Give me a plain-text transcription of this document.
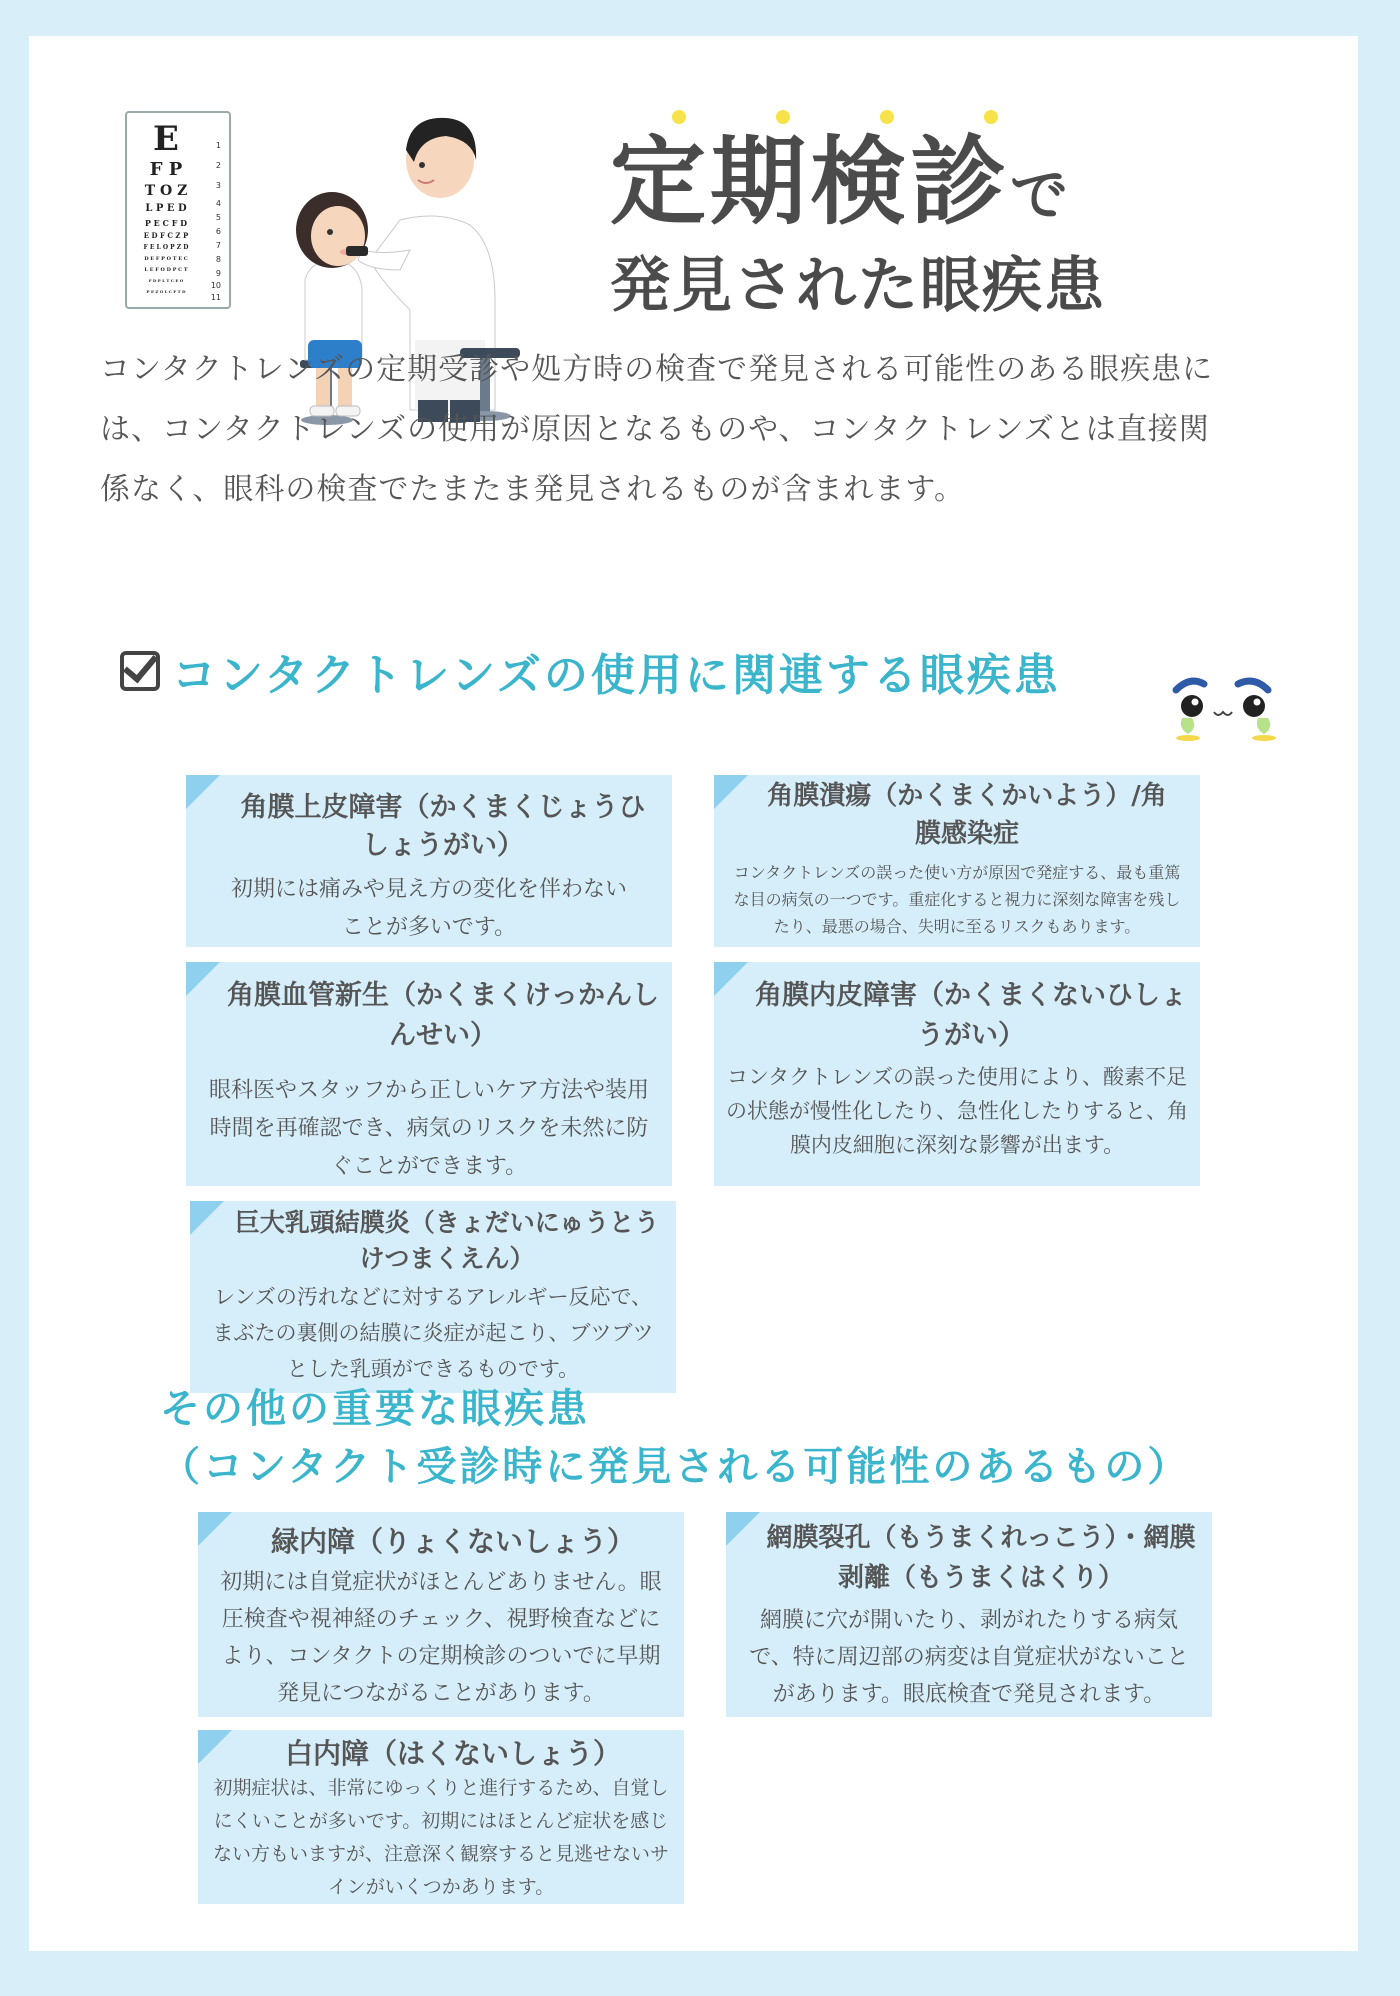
E
F P
T O Z
L P E D
P E C F D
E D F C Z P
F E L O P Z D
D E F P O T E C
L E F O D P C T
F D P L T C E O
P E Z O L C F T D
1
2
3
4
5
6
7
8
9
10
11
定期検診で
発見された眼疾患
コンタクトレンズの定期受診や処方時の検査で発見される可能性のある眼疾患には、コンタクトレンズの使用が原因となるものや、コンタクトレンズとは直接関係なく、眼科の検査でたまたま発見されるものが含まれます。
コンタクトレンズの使用に関連する眼疾患
角膜上皮障害（かくまくじょうひしょうがい）
初期には痛みや見え方の変化を伴わないことが多いです。
角膜潰瘍（かくまくかいよう）/角膜感染症
コンタクトレンズの誤った使い方が原因で発症する、最も重篤な目の病気の一つです。重症化すると視力に深刻な障害を残したり、最悪の場合、失明に至るリスクもあります。
角膜血管新生（かくまくけっかんしんせい）
眼科医やスタッフから正しいケア方法や装用時間を再確認でき、病気のリスクを未然に防ぐことができます。
角膜内皮障害（かくまくないひしょうがい）
コンタクトレンズの誤った使用により、酸素不足の状態が慢性化したり、急性化したりすると、角膜内皮細胞に深刻な影響が出ます。
巨大乳頭結膜炎（きょだいにゅうとうけつまくえん）
レンズの汚れなどに対するアレルギー反応で、まぶたの裏側の結膜に炎症が起こり、ブツブツとした乳頭ができるものです。
その他の重要な眼疾患
（コンタクト受診時に発見される可能性のあるもの）
緑内障（りょくないしょう）
初期には自覚症状がほとんどありません。眼圧検査や視神経のチェック、視野検査などにより、コンタクトの定期検診のついでに早期発見につながることがあります。
網膜裂孔（もうまくれっこう）・網膜剥離（もうまくはくり）
網膜に穴が開いたり、剥がれたりする病気で、特に周辺部の病変は自覚症状がないことがあります。眼底検査で発見されます。
白内障（はくないしょう）
初期症状は、非常にゆっくりと進行するため、自覚しにくいことが多いです。初期にはほとんど症状を感じない方もいますが、注意深く観察すると見逃せないサインがいくつかあります。
